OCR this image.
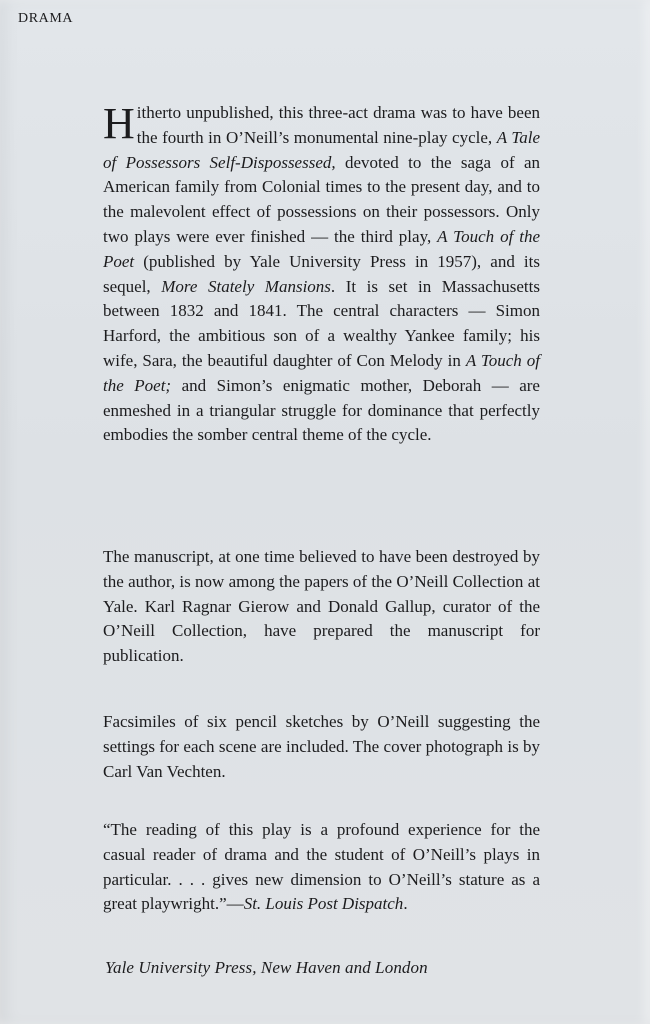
DRAMA
Hitherto unpublished, this three-act drama was to have been the fourth in O’Neill’s monumental nine-play cycle, A Tale of Possessors Self-Dispossessed, devoted to the saga of an American family from Colonial times to the present day, and to the malevolent effect of possessions on their possessors. Only two plays were ever finished — the third play, A Touch of the Poet (published by Yale University Press in 1957), and its sequel, More Stately Mansions. It is set in Massachusetts between 1832 and 1841. The central characters — Simon Harford, the ambitious son of a wealthy Yankee family; his wife, Sara, the beautiful daughter of Con Melody in A Touch of the Poet; and Simon’s enigmatic mother, Deborah — are enmeshed in a triangular struggle for dominance that perfectly embodies the somber central theme of the cycle.
The manuscript, at one time believed to have been destroyed by the author, is now among the papers of the O’Neill Collection at Yale. Karl Ragnar Gierow and Donald Gallup, curator of the O’Neill Collection, have prepared the manuscript for publication.
Facsimiles of six pencil sketches by O’Neill suggesting the settings for each scene are included. The cover photograph is by Carl Van Vechten.
“The reading of this play is a profound experience for the casual reader of drama and the student of O’Neill’s plays in particular. . . . gives new dimension to O’Neill’s stature as a great playwright.”—St. Louis Post Dispatch.
Yale University Press, New Haven and London
